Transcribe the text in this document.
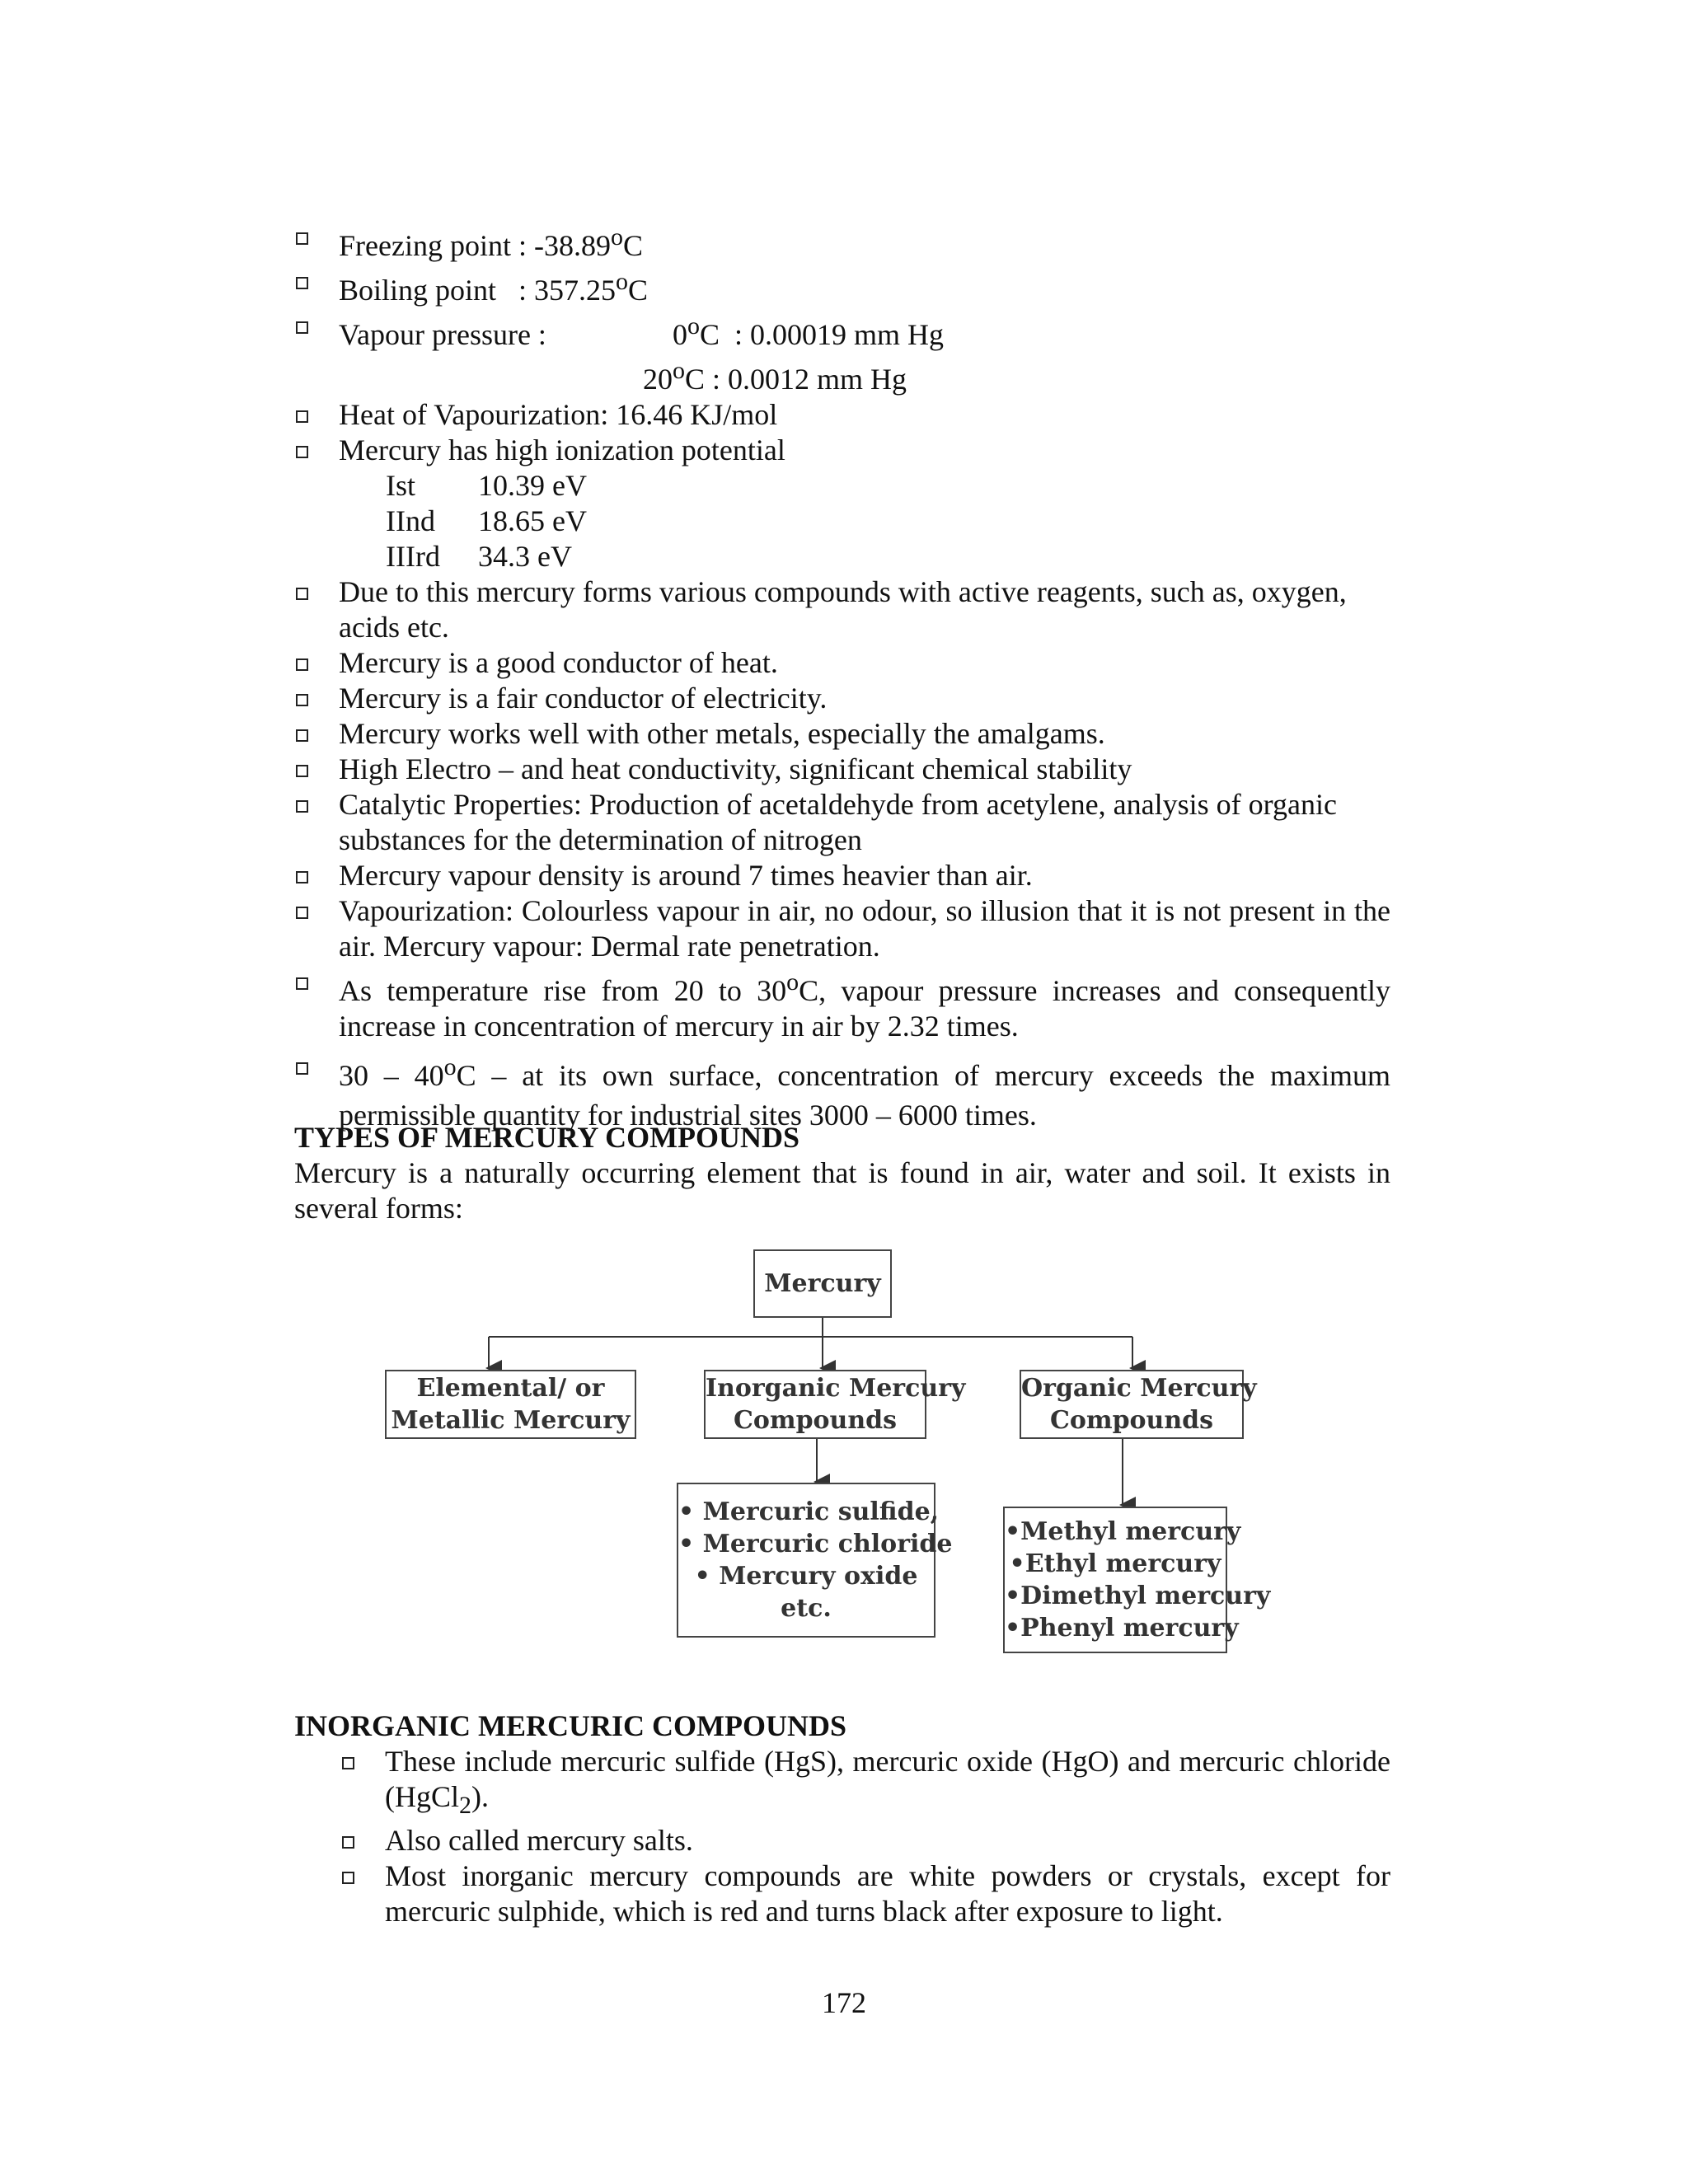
Freezing point : -38.89$^o$C
Boiling point   : 357.25$^o$C
Vapour pressure :	0$^o$C  : 0.00019 mm Hg
20$^o$C : 0.0012 mm Hg
Heat of Vapourization: 16.46 KJ/mol
Mercury has high ionization potential
Ist 10.39 eV
IInd 18.65 eV
IIIrd 34.3 eV
Due to this mercury forms various compounds with active reagents, such as, oxygen, acids etc.
Mercury is a good conductor of heat.
Mercury is a fair conductor of electricity.
Mercury works well with other metals, especially the amalgams.
High Electro – and heat conductivity, significant chemical stability
Catalytic Properties: Production of acetaldehyde from acetylene, analysis of organic substances for the determination of nitrogen
Mercury vapour density is around 7 times heavier than air.
Vapourization: Colourless vapour in air, no odour, so illusion that it is not present in the air. Mercury vapour: Dermal rate penetration.
As temperature rise from 20 to 30$^o$C, vapour pressure increases and consequently increase in concentration of mercury in air by 2.32 times.
30 – 40$^o$C – at its own surface, concentration of mercury exceeds the maximum permissible quantity for industrial sites 3000 – 6000 times.
TYPES OF MERCURY COMPOUNDS

Mercury is a naturally occurring element that is found in air, water and soil. It exists in several forms:

Mercury
Elemental/ or
Metallic Mercury
Inorganic Mercury
Compounds
Organic Mercury
Compounds
• Mercuric sulfide,
• Mercuric chloride
• Mercury oxide
etc.
•Methyl mercury
•Ethyl mercury
•Dimethyl mercury
•Phenyl mercury
INORGANIC MERCURIC COMPOUNDS
These include mercuric sulfide (HgS), mercuric oxide (HgO) and mercuric chloride (HgCl$_2$).
Also called mercury salts.
Most inorganic mercury compounds are white powders or crystals, except for mercuric sulphide, which is red and turns black after exposure to light.
172
